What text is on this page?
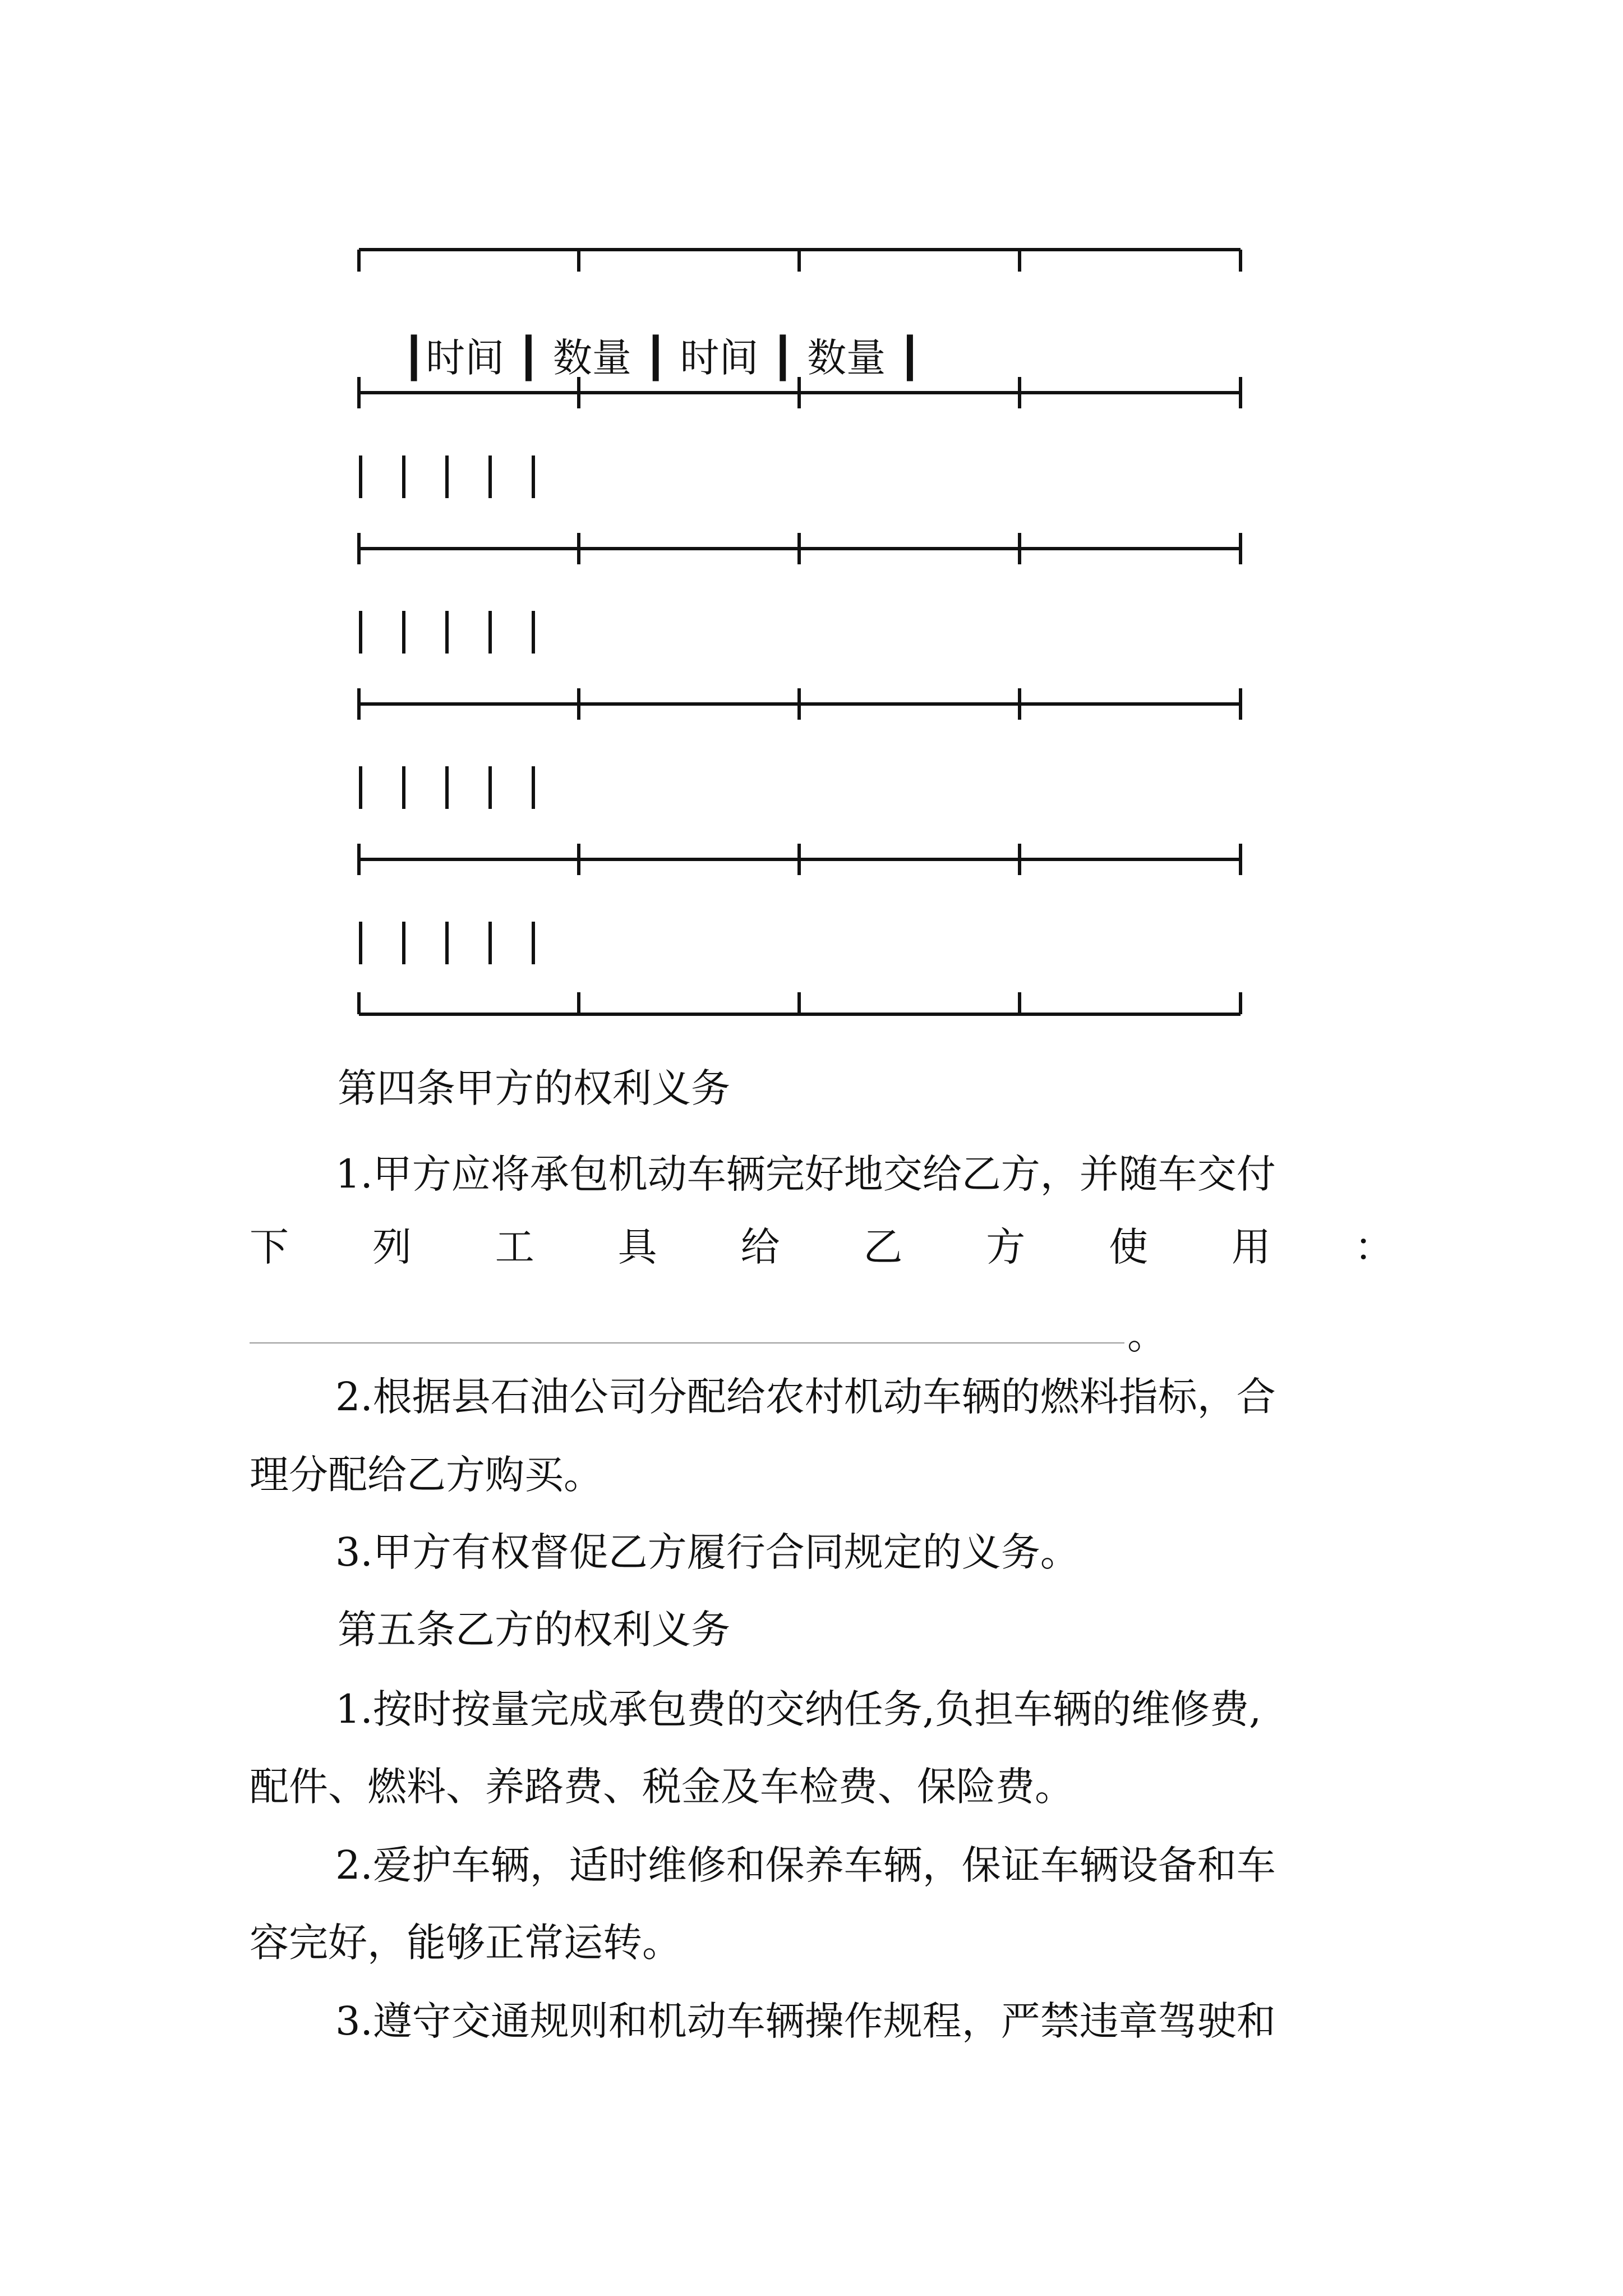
┃时间 ┃ 数量 ┃ 时间 ┃ 数量 ┃

第四条甲方的权利义务
1.甲方应将承包机动车辆完好地交给乙方，并随车交付
下 列 工 具 给 乙 方 使 用 ：
。
2.根据县石油公司分配给农村机动车辆的燃料指标，合
理分配给乙方购买。
3.甲方有权督促乙方履行合同规定的义务。
第五条乙方的权利义务
1.按时按量完成承包费的交纳任务,负担车辆的维修费,
配件、燃料、养路费、税金及车检费、保险费。
2.爱护车辆，适时维修和保养车辆，保证车辆设备和车
容完好，能够正常运转。
3.遵守交通规则和机动车辆操作规程，严禁违章驾驶和
